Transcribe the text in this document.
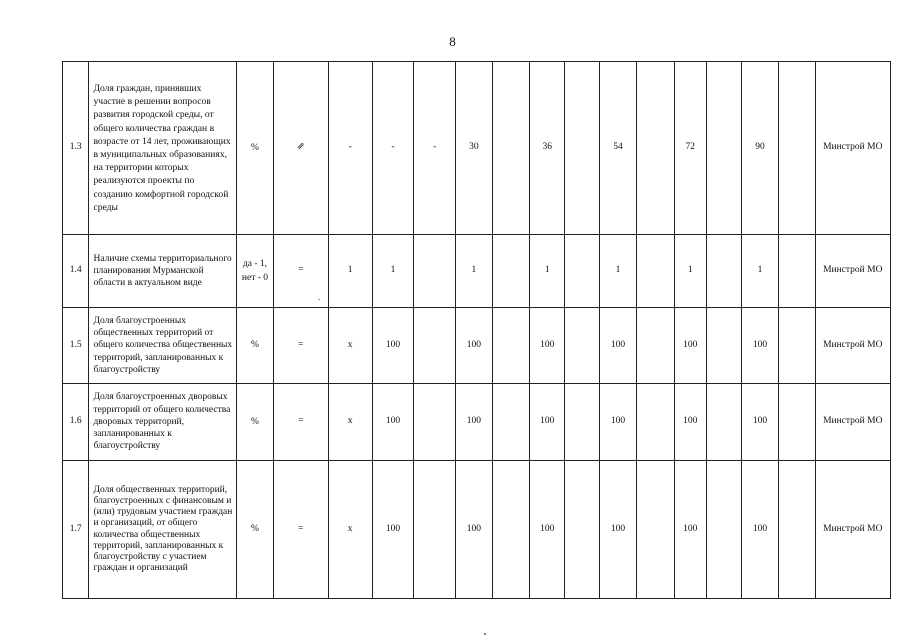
8
1.3	Доля граждан, принявших участие в решении вопросов развития городской среды, от общего количества граждан в возрасте от 14 лет, проживающих в муниципальных образованиях, на территории которых реализуются проекты по созданию комфортной городской среды	%	⇗	-	-	-	30		36		54		72		90		Минстрой МО
1.4	Наличие схемы территориального планирования Мурманской области в актуальном виде	да - 1, нет - 0	=	1	1		1		1		1		1		1		Минстрой МО
1.5	Доля благоустроенных общественных территорий от общего количества общественных территорий, запланированных к благоустройству	%	=	х	100		100		100		100		100		100		Минстрой МО
1.6	Доля благоустроенных дворовых территорий от общего количества дворовых территорий, запланированных к благоустройству	%	=	х	100		100		100		100		100		100		Минстрой МО
1.7	Доля общественных территорий, благоустроенных с финансовым и (или) трудовым участием граждан и организаций, от общего количества общественных территорий, запланированных к благоустройству с участием граждан и организаций	%	=	х	100		100		100		100		100		100		Минстрой МО
